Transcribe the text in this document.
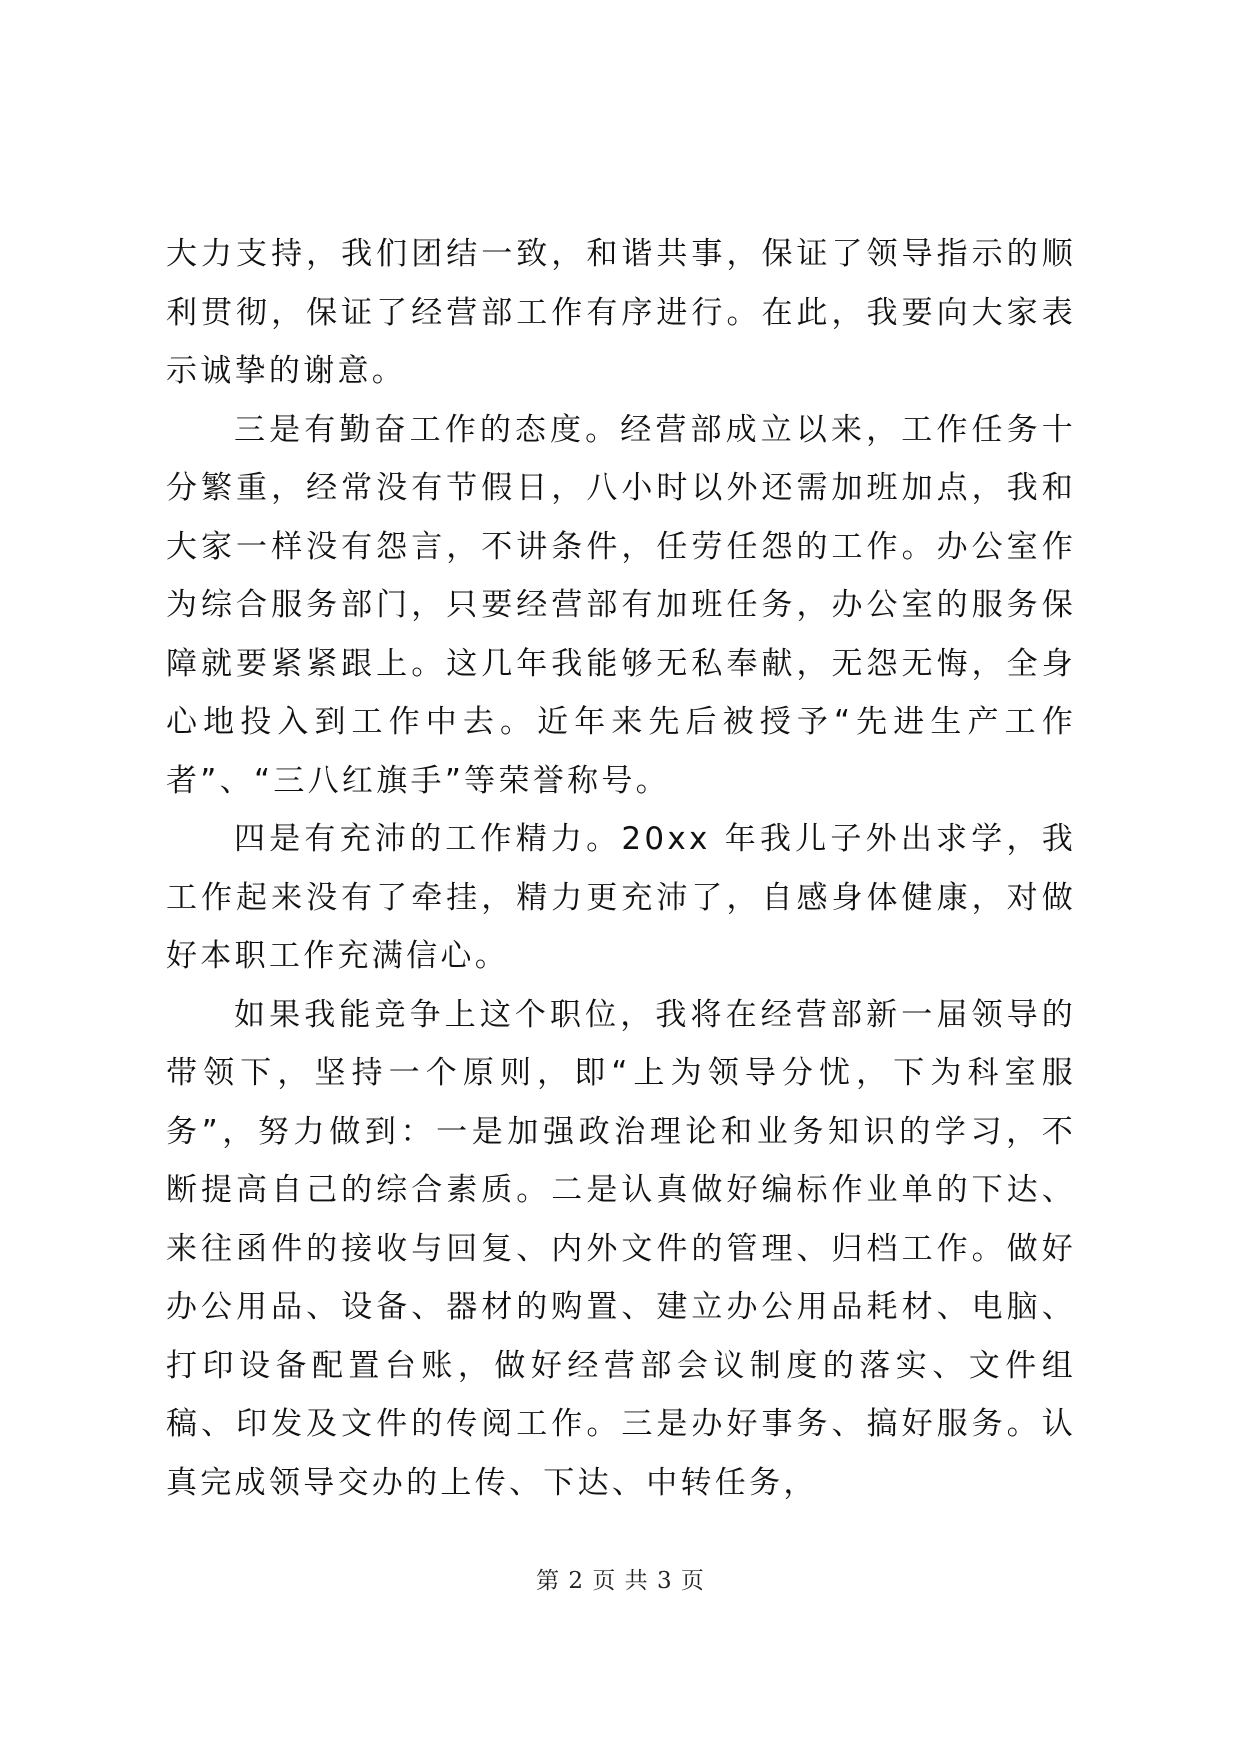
大力支持，我们团结一致，和谐共事，保证了领导指示的顺利贯彻，保证了经营部工作有序进行。在此，我要向大家表示诚挚的谢意。

三是有勤奋工作的态度。经营部成立以来，工作任务十分繁重，经常没有节假日，八小时以外还需加班加点，我和大家一样没有怨言，不讲条件，任劳任怨的工作。办公室作为综合服务部门，只要经营部有加班任务，办公室的服务保障就要紧紧跟上。这几年我能够无私奉献，无怨无悔，全身心地投入到工作中去。近年来先后被授予“先进生产工作者”、“三八红旗手”等荣誉称号。

四是有充沛的工作精力。20xx 年我儿子外出求学，我工作起来没有了牵挂，精力更充沛了，自感身体健康，对做好本职工作充满信心。

如果我能竞争上这个职位，我将在经营部新一届领导的带领下，坚持一个原则，即“上为领导分忧，下为科室服务”，努力做到：一是加强政治理论和业务知识的学习，不断提高自己的综合素质。二是认真做好编标作业单的下达、来往函件的接收与回复、内外文件的管理、归档工作。做好办公用品、设备、器材的购置、建立办公用品耗材、电脑、打印设备配置台账，做好经营部会议制度的落实、文件组稿、印发及文件的传阅工作。三是办好事务、搞好服务。认真完成领导交办的上传、下达、中转任务，

第 2 页 共 3 页
